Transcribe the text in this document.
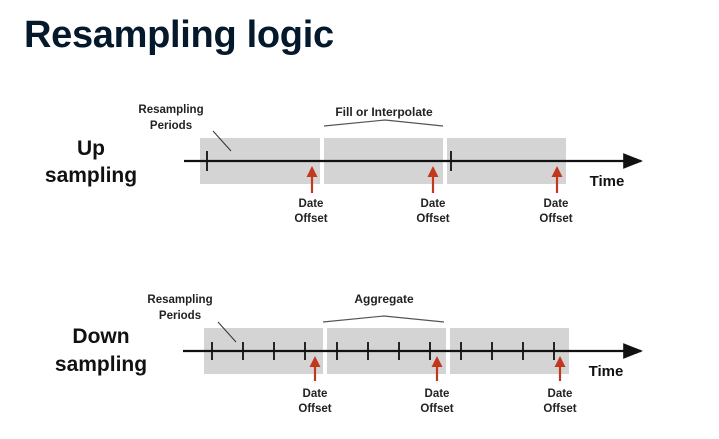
Resampling logic
Up
sampling
Resampling
Periods
Fill or Interpolate
Date
Offset
Date
Offset
Date
Offset
Time
Down
sampling
Resampling
Periods
Aggregate
Date
Offset
Date
Offset
Date
Offset
Time
